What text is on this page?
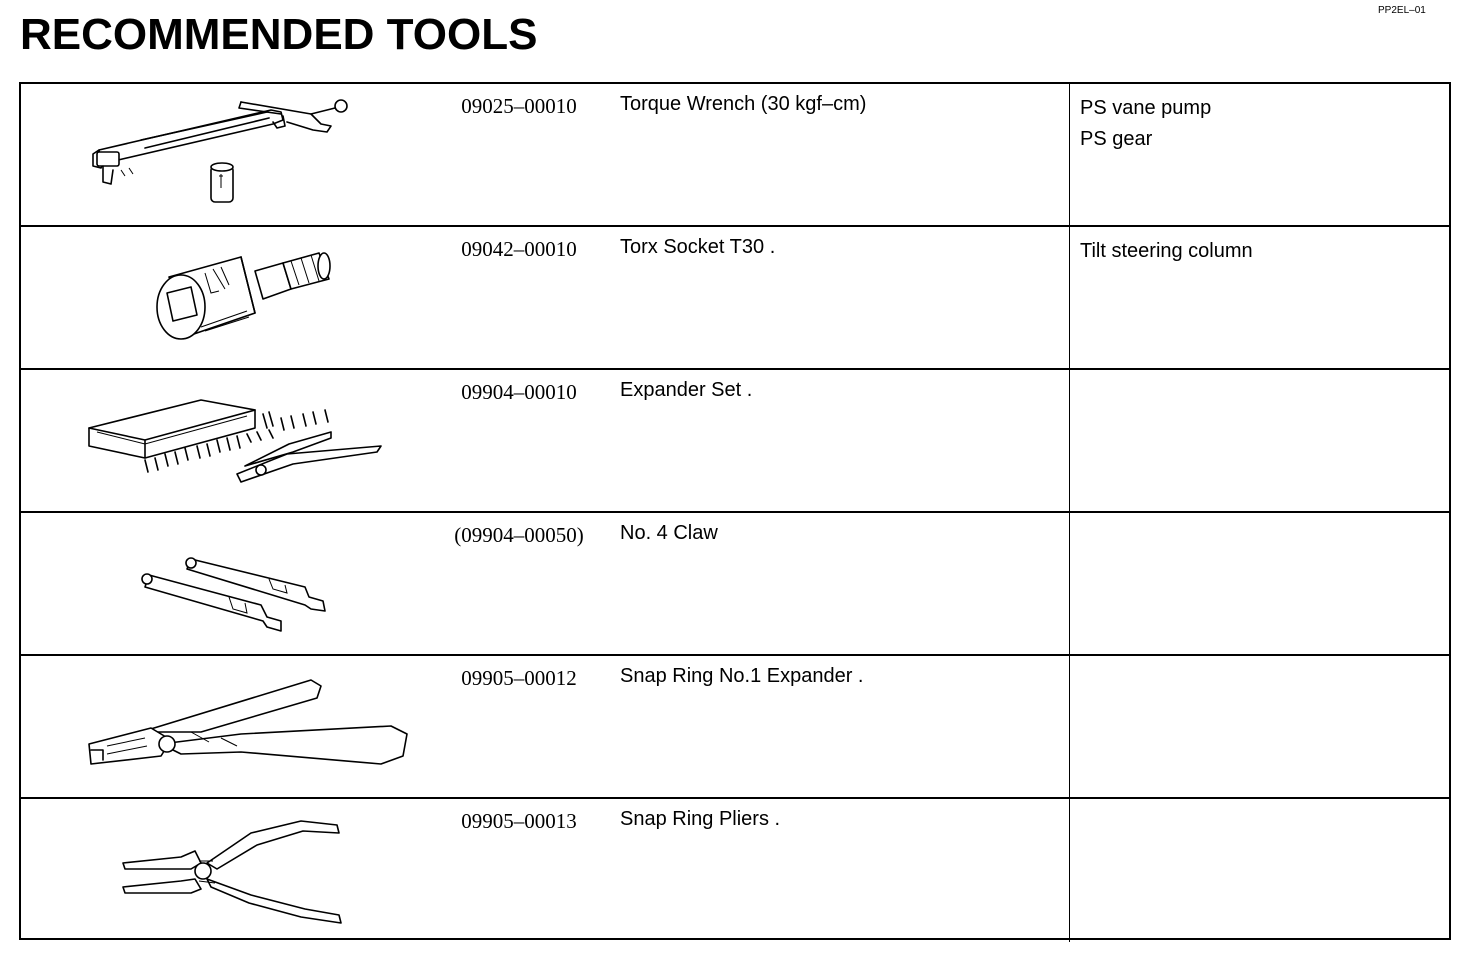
PP2EL–01
RECOMMENDED TOOLS
09025–00010	Torque Wrench (30 kgf–cm)	PS vane pump
PS gear
09042–00010	Torx Socket T30 .	Tilt steering column
09904–00010	Expander Set .
(09904–00050)	No. 4 Claw
09905–00012	Snap Ring No.1 Expander .
09905–00013	Snap Ring Pliers .
